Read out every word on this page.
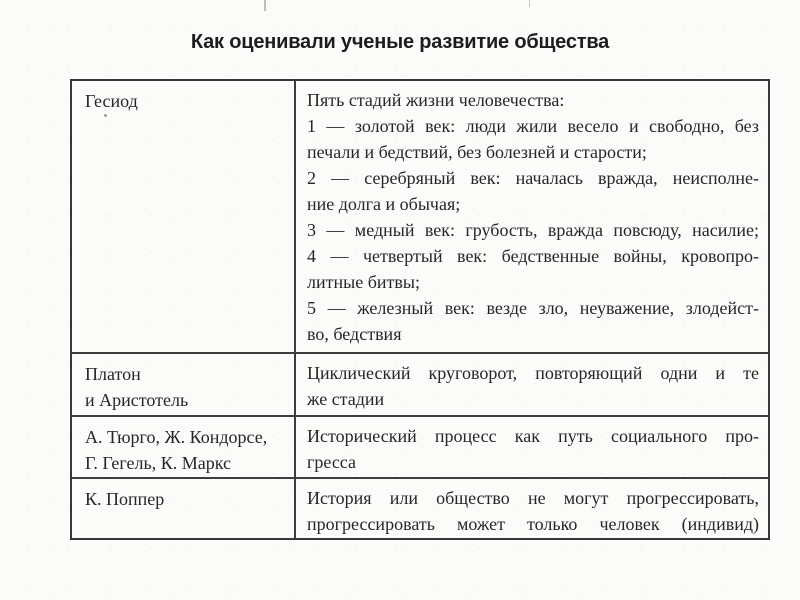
Как оценивали ученые развитие общества
Гесиод	Пять стадий жизни человечества:
1 — золотой век: люди жили весело и свободно, без
печали и бедствий, без болезней и старости;
2 — серебряный век: началась вражда, неисполне-
ние долга и обычая;
3 — медный век: грубость, вражда повсюду, насилие;
4 — четвертый век: бедственные войны, кровопро-
литные битвы;
5 — железный век: везде зло, неуважение, злодейст-
во, бедствия
Платон
и Аристотель
Циклический круговорот, повторяющий одни и те
же стадии
А. Тюрго, Ж. Кондорсе,
Г. Гегель, К. Маркс
Исторический процесс как путь социального про-
гресса
К. Поппер	История или общество не могут прогрессировать,
прогрессировать может только человек (индивид)
